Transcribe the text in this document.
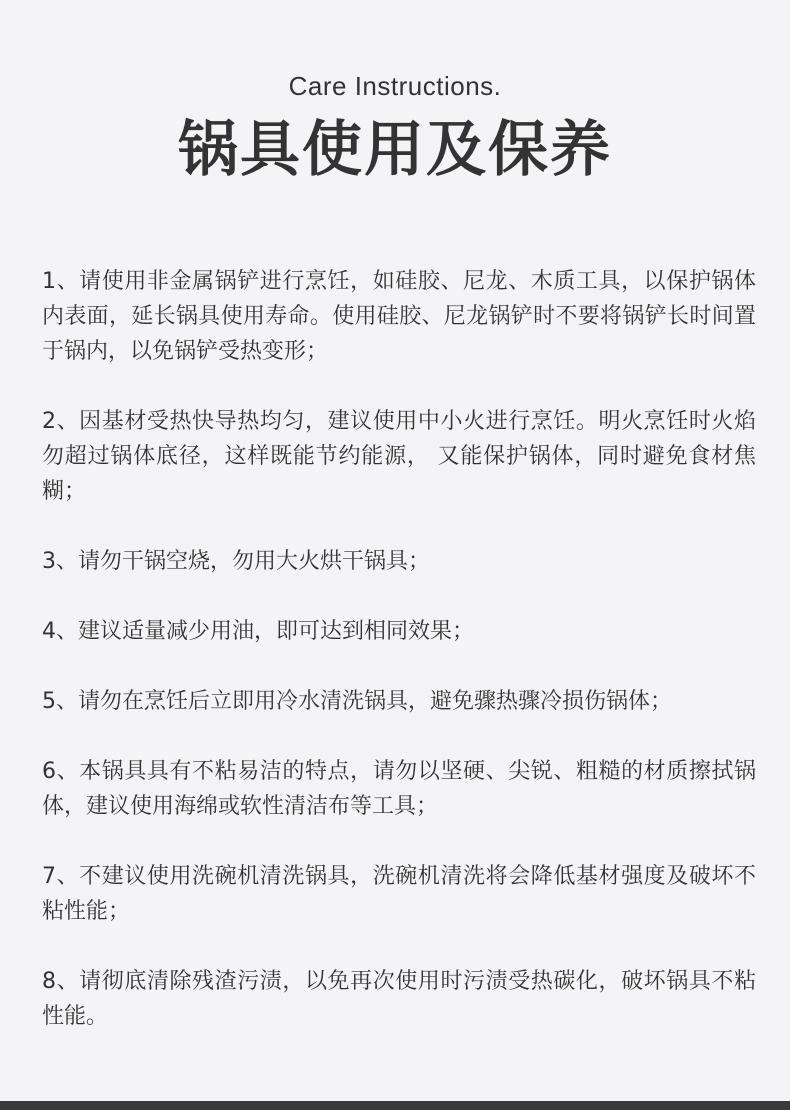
Care Instructions.
锅具使用及保养
1、请使用非金属锅铲进行烹饪，如硅胶、尼龙、木质工具，以保护锅体内表面，延长锅具使用寿命。使用硅胶、尼龙锅铲时不要将锅铲长时间置于锅内，以免锅铲受热变形；
2、因基材受热快导热均匀，建议使用中小火进行烹饪。明火烹饪时火焰勿超过锅体底径，这样既能节约能源， 又能保护锅体，同时避免食材焦糊；
3、请勿干锅空烧，勿用大火烘干锅具；
4、建议适量减少用油，即可达到相同效果；
5、请勿在烹饪后立即用冷水清洗锅具，避免骤热骤冷损伤锅体；
6、本锅具具有不粘易洁的特点，请勿以坚硬、尖锐、粗糙的材质擦拭锅体，建议使用海绵或软性清洁布等工具；
7、不建议使用洗碗机清洗锅具，洗碗机清洗将会降低基材强度及破坏不粘性能；
8、请彻底清除残渣污渍，以免再次使用时污渍受热碳化，破坏锅具不粘性能。
